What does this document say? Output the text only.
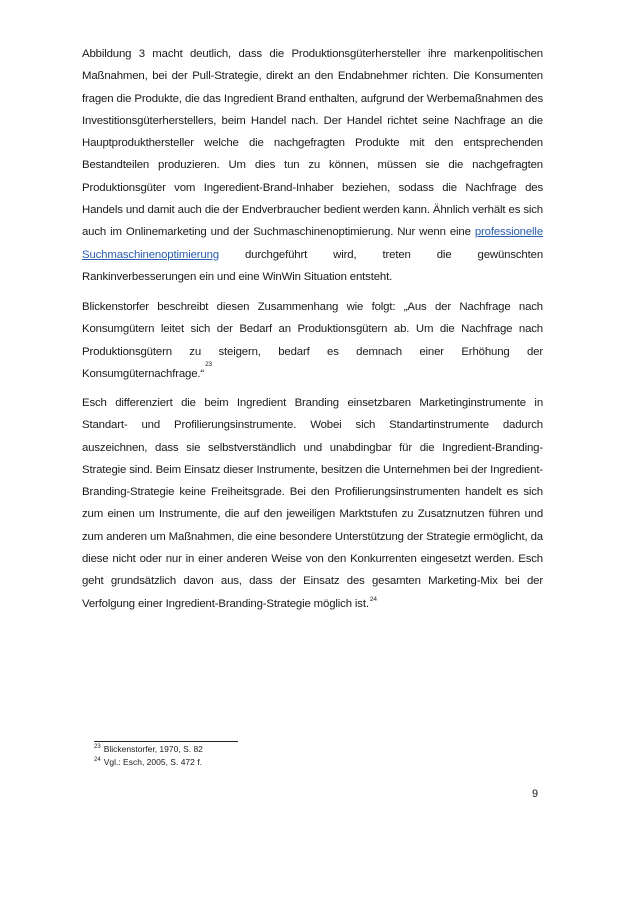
Abbildung 3 macht deutlich, dass die Produktionsgüterhersteller ihre markenpolitischen Maßnahmen, bei der Pull-Strategie, direkt an den Endabnehmer richten. Die Konsumenten fragen die Produkte, die das Ingredient Brand enthalten, aufgrund der Werbemaßnahmen des Investitionsgüterherstellers, beim Handel nach. Der Handel richtet seine Nachfrage an die Hauptprodukthersteller welche die nachgefragten Produkte mit den entsprechenden Bestandteilen produzieren. Um dies tun zu können, müssen sie die nachgefragten Produktionsgüter vom Ingeredient-Brand-Inhaber beziehen, sodass die Nachfrage des Handels und damit auch die der Endverbraucher bedient werden kann. Ähnlich verhält es sich auch im Onlinemarketing und der Suchmaschinenoptimierung. Nur wenn eine professionelle Suchmaschinenoptimierung durchgeführt wird, treten die gewünschten Rankinverbesserungen ein und eine WinWin Situation entsteht.

Blickenstorfer beschreibt diesen Zusammenhang wie folgt: „Aus der Nachfrage nach Konsumgütern leitet sich der Bedarf an Produktionsgütern ab. Um die Nachfrage nach Produktionsgütern zu steigern, bedarf es demnach einer Erhöhung der Konsumgüternachfrage.“$^{23}$

Esch differenziert die beim Ingredient Branding einsetzbaren Marketinginstrumente in Standart- und Profilierungsinstrumente. Wobei sich Standartinstrumente dadurch auszeichnen, dass sie selbstverständlich und unabdingbar für die Ingredient-Branding- Strategie sind. Beim Einsatz dieser Instrumente, besitzen die Unternehmen bei der Ingredient- Branding-Strategie keine Freiheitsgrade. Bei den Profilierungsinstrumenten handelt es sich zum einen um Instrumente, die auf den jeweiligen Marktstufen zu Zusatznutzen führen und zum anderen um Maßnahmen, die eine besondere Unterstützung der Strategie ermöglicht, da diese nicht oder nur in einer anderen Weise von den Konkurrenten eingesetzt werden. Esch geht grundsätzlich davon aus, dass der Einsatz des gesamten Marketing-Mix bei der Verfolgung einer Ingredient-Branding-Strategie möglich ist.$^{24}$

$^{23}$ Blickenstorfer, 1970, S. 82
$^{24}$ Vgl.: Esch, 2005, S. 472 f.
9
